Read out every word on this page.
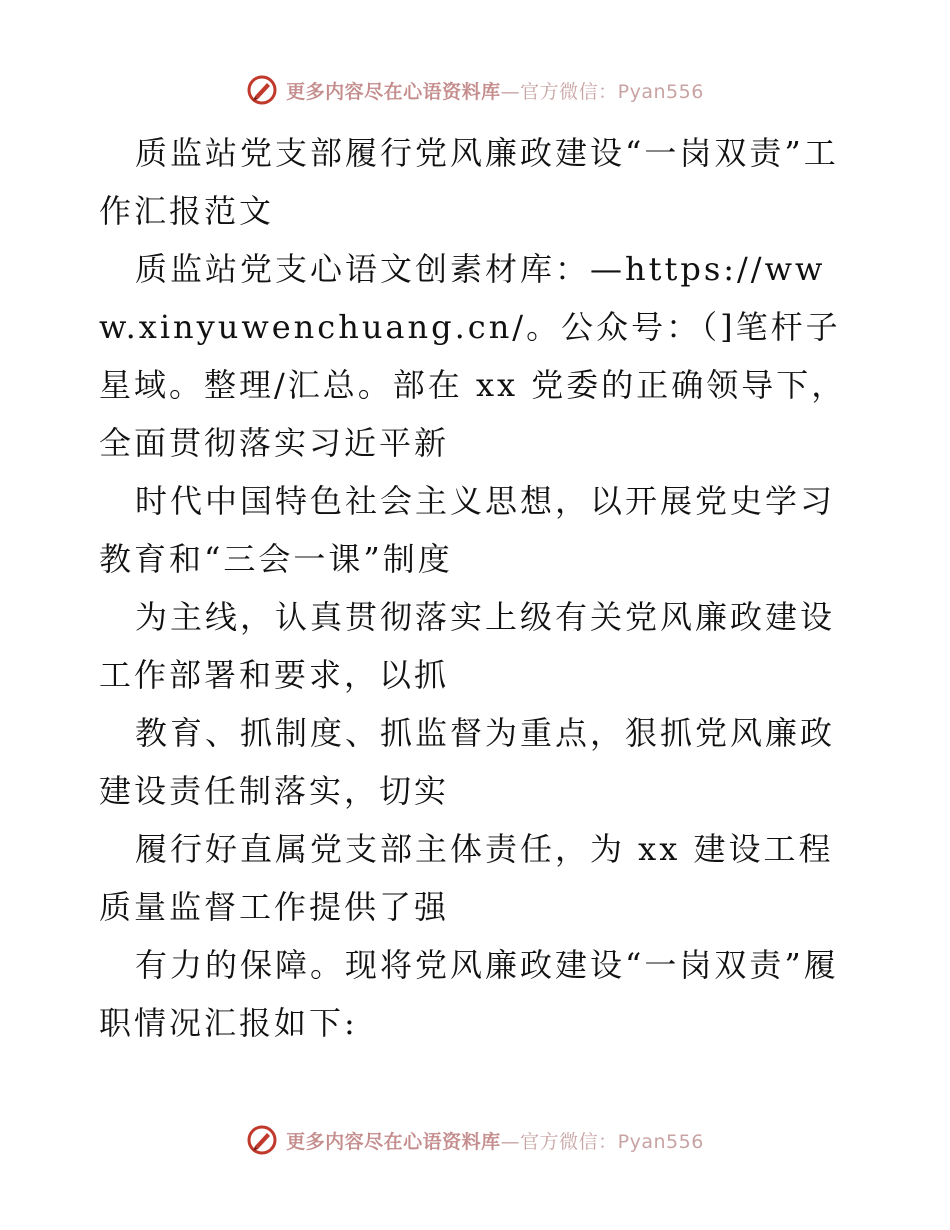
更多内容尽在心语资料库—官方微信：Pyan556

质监站党支部履行党风廉政建设“一岗双责”工作汇报范文

质监站党支心语文创素材库：—https://www.xinyuwenchuang.cn/。公众号：（]笔杆子星域。整理/汇总。部在 xx 党委的正确领导下，全面贯彻落实习近平新

时代中国特色社会主义思想，以开展党史学习教育和“三会一课”制度

为主线，认真贯彻落实上级有关党风廉政建设工作部署和要求，以抓

教育、抓制度、抓监督为重点，狠抓党风廉政建设责任制落实，切实

履行好直属党支部主体责任，为 xx 建设工程质量监督工作提供了强

有力的保障。现将党风廉政建设“一岗双责”履职情况汇报如下:

更多内容尽在心语资料库—官方微信：Pyan556
